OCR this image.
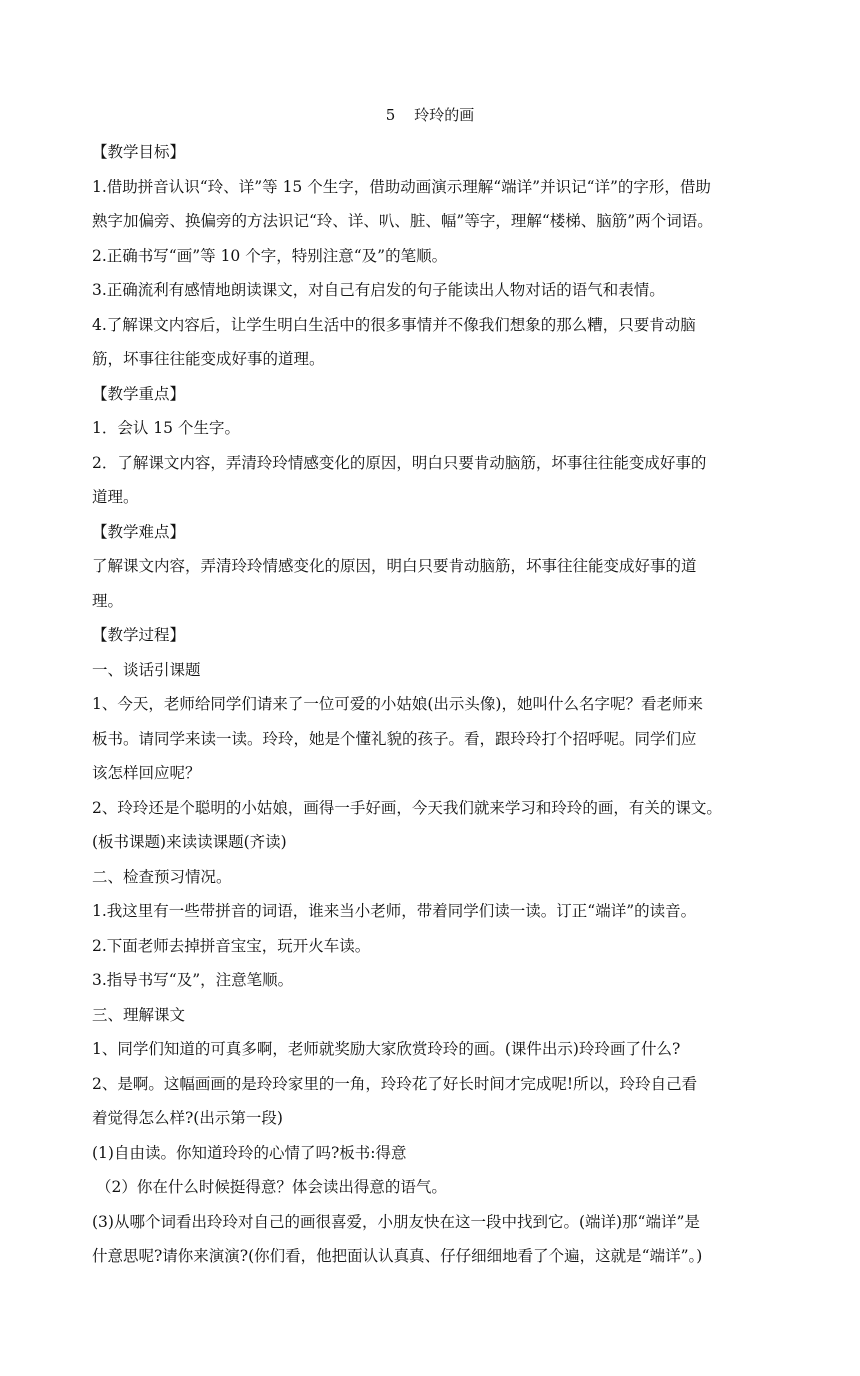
5    玲玲的画
【教学目标】
1.借助拼音认识“玲、详”等 15 个生字，借助动画演示理解“端详”并识记“详”的字形，借助
熟字加偏旁、换偏旁的方法识记“玲、详、叭、脏、幅”等字，理解“楼梯、脑筋”两个词语。
2.正确书写“画”等 10 个字，特别注意“及”的笔顺。
3.正确流利有感情地朗读课文，对自己有启发的句子能读出人物对话的语气和表情。
4.了解课文内容后，让学生明白生活中的很多事情并不像我们想象的那么糟，只要肯动脑
筋，坏事往往能变成好事的道理。
【教学重点】
1．会认 15 个生字。
2．了解课文内容，弄清玲玲情感变化的原因，明白只要肯动脑筋，坏事往往能变成好事的
道理。
【教学难点】
了解课文内容，弄清玲玲情感变化的原因，明白只要肯动脑筋，坏事往往能变成好事的道
理。
【教学过程】
一、谈话引课题
1、今天，老师给同学们请来了一位可爱的小姑娘(出示头像)，她叫什么名字呢？看老师来
板书。请同学来读一读。玲玲，她是个懂礼貌的孩子。看，跟玲玲打个招呼呢。同学们应
该怎样回应呢？
2、玲玲还是个聪明的小姑娘，画得一手好画，今天我们就来学习和玲玲的画，有关的课文。
(板书课题)来读读课题(齐读)
二、检查预习情况。
1.我这里有一些带拼音的词语，谁来当小老师，带着同学们读一读。订正“端详”的读音。
2.下面老师去掉拼音宝宝，玩开火车读。
3.指导书写“及”，注意笔顺。
三、理解课文
1、同学们知道的可真多啊，老师就奖励大家欣赏玲玲的画。(课件出示)玲玲画了什么?
2、是啊。这幅画画的是玲玲家里的一角，玲玲花了好长时间才完成呢!所以，玲玲自己看
着觉得怎么样?(出示第一段)
(1)自由读。你知道玲玲的心情了吗?板书:得意
（2）你在什么时候挺得意？体会读出得意的语气。
(3)从哪个词看出玲玲对自己的画很喜爱，小朋友快在这一段中找到它。(端详)那“端详”是
什意思呢?请你来演演?(你们看，他把面认认真真、仔仔细细地看了个遍，这就是“端详”。)
